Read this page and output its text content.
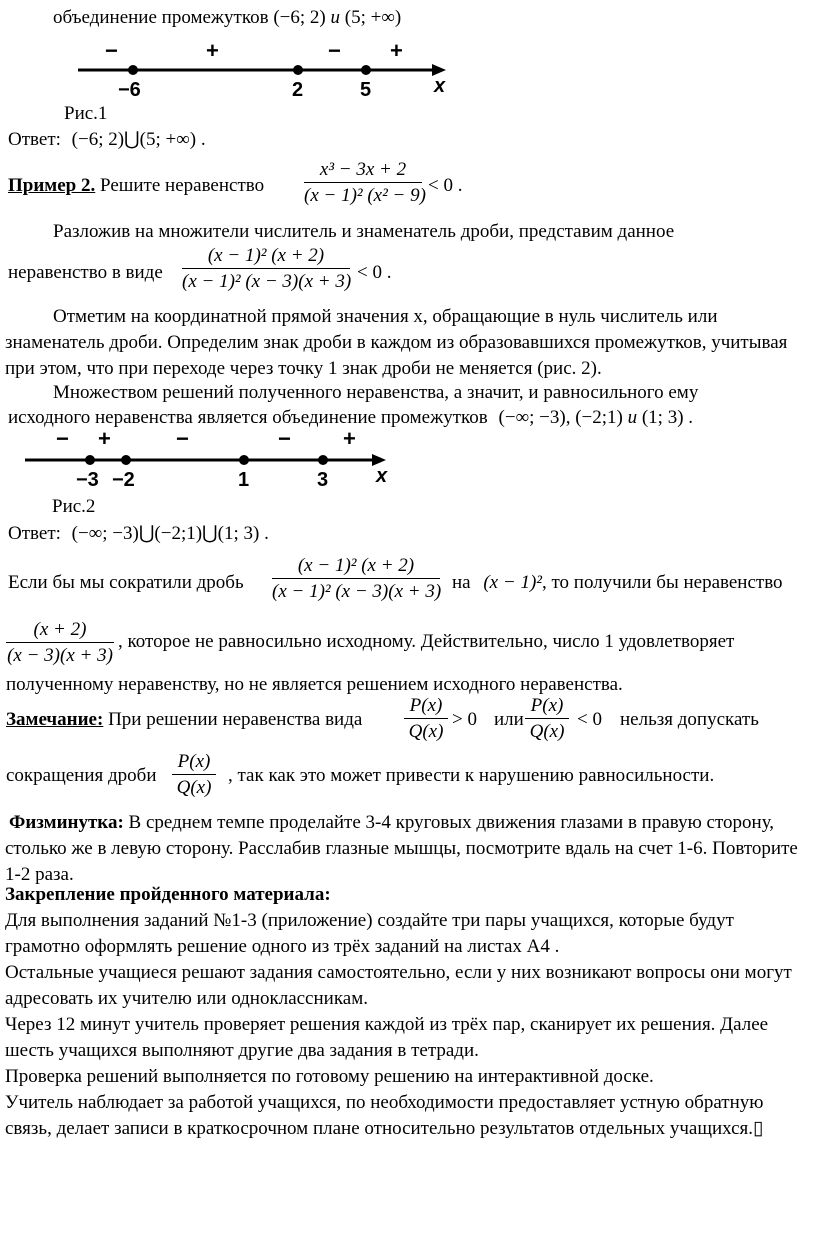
объединение промежутков (−6; 2) и (5; +∞)
−	+	− +
−6	2	5	x
Рис.1
Ответ: (−6; 2)⋃(5; +∞) .
Пример 2. Решите неравенство
x³ − 3x + 2
(x − 1)² (x² − 9) < 0 .
Разложив на множители числитель и знаменатель дроби, представим данное
неравенство в виде
(x − 1)² (x + 2)
(x − 1)² (x − 3)(x + 3) < 0 .
Отметим на координатной прямой значения x, обращающие в нуль числитель или знаменатель дроби. Определим знак дроби в каждом из образовавшихся промежутков, учитывая при этом, что при переходе через точку 1 знак дроби не меняется (рис. 2).
Множеством решений полученного неравенства, а значит, и равносильного ему
исходного неравенства является объединение промежутков (−∞; −3), (−2;1) и (1; 3) .
− +	−	− +
−3 −2	1	3 x
Рис.2
Ответ: (−∞; −3)⋃(−2;1)⋃(1; 3) .
Если бы мы сократили дробь
(x − 1)² (x + 2)
(x − 1)² (x − 3)(x + 3) на (x − 1)², то получили бы неравенство
(x + 2)
(x − 3)(x + 3)
, которое не равносильно исходному. Действительно, число 1 удовлетворяет
полученному неравенству, но не является решением исходного неравенства.
Замечание: При решении неравенства вида
P(x)
Q(x)
> 0 или
P(x)
Q(x)
< 0 нельзя допускать
сокращения дроби
P(x)
Q(x)
, так как это может привести к нарушению равносильности.
Физминутка: В среднем темпе проделайте 3-4 круговых движения глазами в правую сторону, столько же в левую сторону. Расслабив глазные мышцы, посмотрите вдаль на счет 1-6. Повторите 1-2 раза.
Закрепление пройденного материала:
Для выполнения заданий №1-3 (приложение) создайте три пары учащихся, которые будут грамотно оформлять решение одного из трёх заданий на листах А4 .
Остальные учащиеся решают задания самостоятельно, если у них возникают вопросы они могут адресовать их учителю или одноклассникам.
Через 12 минут учитель проверяет решения каждой из трёх пар, сканирует их решения. Далее шесть учащихся выполняют другие два задания в тетради.
Проверка решений выполняется по готовому решению на интерактивной доске.
Учитель наблюдает за работой учащихся, по необходимости предоставляет устную обратную связь, делает записи в краткосрочном плане относительно результатов отдельных учащихся.▯
